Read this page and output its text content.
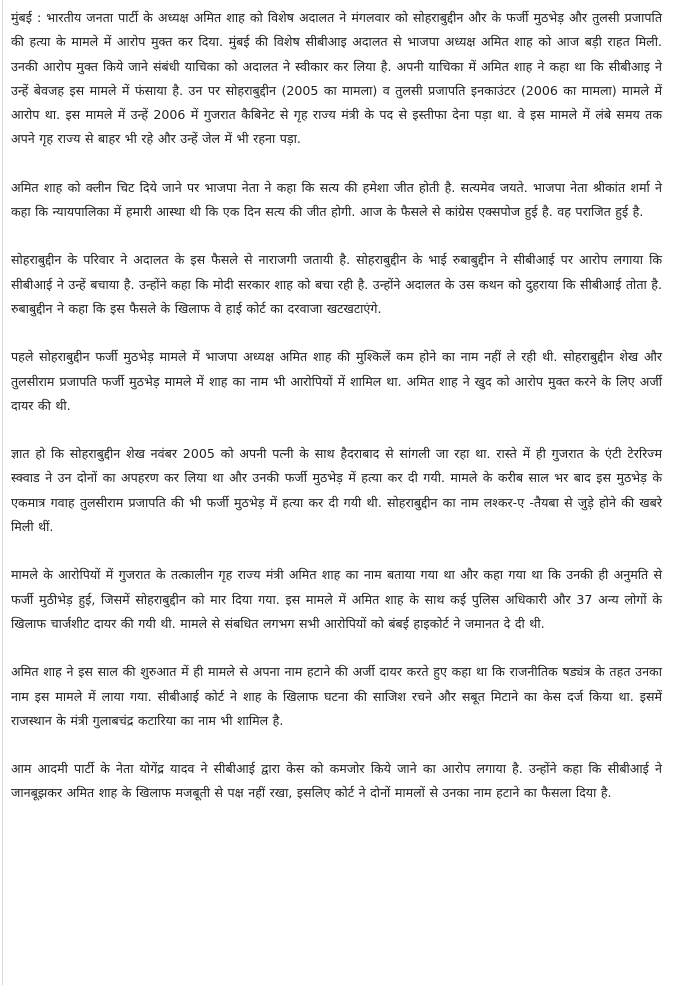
मुंबई : भारतीय जनता पार्टी के अध्यक्ष अमित शाह को विशेष अदालत ने मंगलवार को सोहराबुद्दीन और के फर्जी मुठभेड़ और तुलसी प्रजापति की हत्या के मामले में आरोप मुक्त कर दिया. मुंबई की विशेष सीबीआइ अदालत से भाजपा अध्यक्ष अमित शाह को आज बड़ी राहत मिली. उनकी आरोप मुक्त किये जाने संबंधी याचिका को अदालत ने स्वीकार कर लिया है. अपनी याचिका में अमित शाह ने कहा था कि सीबीआइ ने उन्हें बेवजह इस मामले में फंसाया है. उन पर सोहराबुद्दीन (2005 का मामला) व तुलसी प्रजापति इनकाउंटर (2006 का मामला) मामले में आरोप था. इस मामले में उन्हें 2006 में गुजरात कैबिनेट से गृह राज्य मंत्री के पद से इस्तीफा देना पड़ा था. वे इस मामले में लंबे समय तक अपने गृह राज्य से बाहर भी रहे और उन्हें जेल में भी रहना पड़ा.

अमित शाह को क्लीन चिट दिये जाने पर भाजपा नेता ने कहा कि सत्य की हमेशा जीत होती है. सत्यमेव जयते. भाजपा नेता श्रीकांत शर्मा ने कहा कि न्यायपालिका में हमारी आस्था थी कि एक दिन सत्य की जीत होगी. आज के फैसले से कांग्रेस एक्सपोज हुई है. वह पराजित हुई है.

सोहराबुद्दीन के परिवार ने अदालत के इस फैसले से नाराजगी जतायी है. सोहराबुद्दीन के भाई रुबाबुद्दीन ने सीबीआई पर आरोप लगाया कि सीबीआई ने उन्हें बचाया है. उन्होंने कहा कि मोदी सरकार शाह को बचा रही है. उन्होंने अदालत के उस कथन को दुहराया कि सीबीआई तोता है. रुबाबुद्दीन ने कहा कि इस फैसले के खिलाफ वे हाई कोर्ट का दरवाजा खटखटाएंगे.

पहले सोहराबुद्दीन फर्जी मुठभेड़ मामले में भाजपा अध्यक्ष अमित शाह की मुश्किलें कम होने का नाम नहीं ले रही थी. सोहराबुद्दीन शेख और तुलसीराम प्रजापति फर्जी मुठभेड़ मामले में शाह का नाम भी आरोपियों में शामिल था. अमित शाह ने खुद को आरोप मुक्त करने के लिए अर्जी दायर की थी.

ज्ञात हो कि सोहराबुद्दीन शेख नवंबर 2005 को अपनी पत्नी के साथ हैदराबाद से सांगली जा रहा था. रास्ते में ही गुजरात के एंटी टेररिज्म स्क्वाड ने उन दोनों का अपहरण कर लिया था और उनकी फर्जी मुठभेड़ में हत्या कर दी गयी. मामले के करीब साल भर बाद इस मुठभेड़ के एकमात्र गवाह तुलसीराम प्रजापति की भी फर्जी मुठभेड़ में हत्या कर दी गयी थी. सोहराबुद्दीन का नाम लश्कर-ए -तैयबा से जुड़े होने की खबरे मिली थीं.

मामले के आरोपियों में गुजरात के तत्कालीन गृह राज्य मंत्री अमित शाह का नाम बताया गया था और कहा गया था कि उनकी ही अनुमति से फर्जी मुठीभेड़ हुई, जिसमें सोहराबुद्दीन को मार दिया गया. इस मामले में अमित शाह के साथ कई पुलिस अधिकारी और 37 अन्य लोगों के खिलाफ चार्जशीट दायर की गयी थी. मामले से संबधित लगभग सभी आरोपियों को बंबई हाइकोर्ट ने जमानत दे दी थी.

अमित शाह ने इस साल की शुरुआत में ही मामले से अपना नाम हटाने की अर्जी दायर करते हुए कहा था कि राजनीतिक षड्यंत्र के तहत उनका नाम इस मामले में लाया गया. सीबीआई कोर्ट ने शाह के खिलाफ घटना की साजिश रचने और सबूत मिटाने का केस दर्ज किया था. इसमें राजस्थान के मंत्री गुलाबचंद्र कटारिया का नाम भी शामिल है.

आम आदमी पार्टी के नेता योगेंद्र यादव ने सीबीआई द्वारा केस को कमजोर किये जाने का आरोप लगाया है. उन्होंने कहा कि सीबीआई ने जानबूझकर अमित शाह के खिलाफ मजबूती से पक्ष नहीं रखा, इसलिए कोर्ट ने दोनों मामलों से उनका नाम हटाने का फैसला दिया है.
